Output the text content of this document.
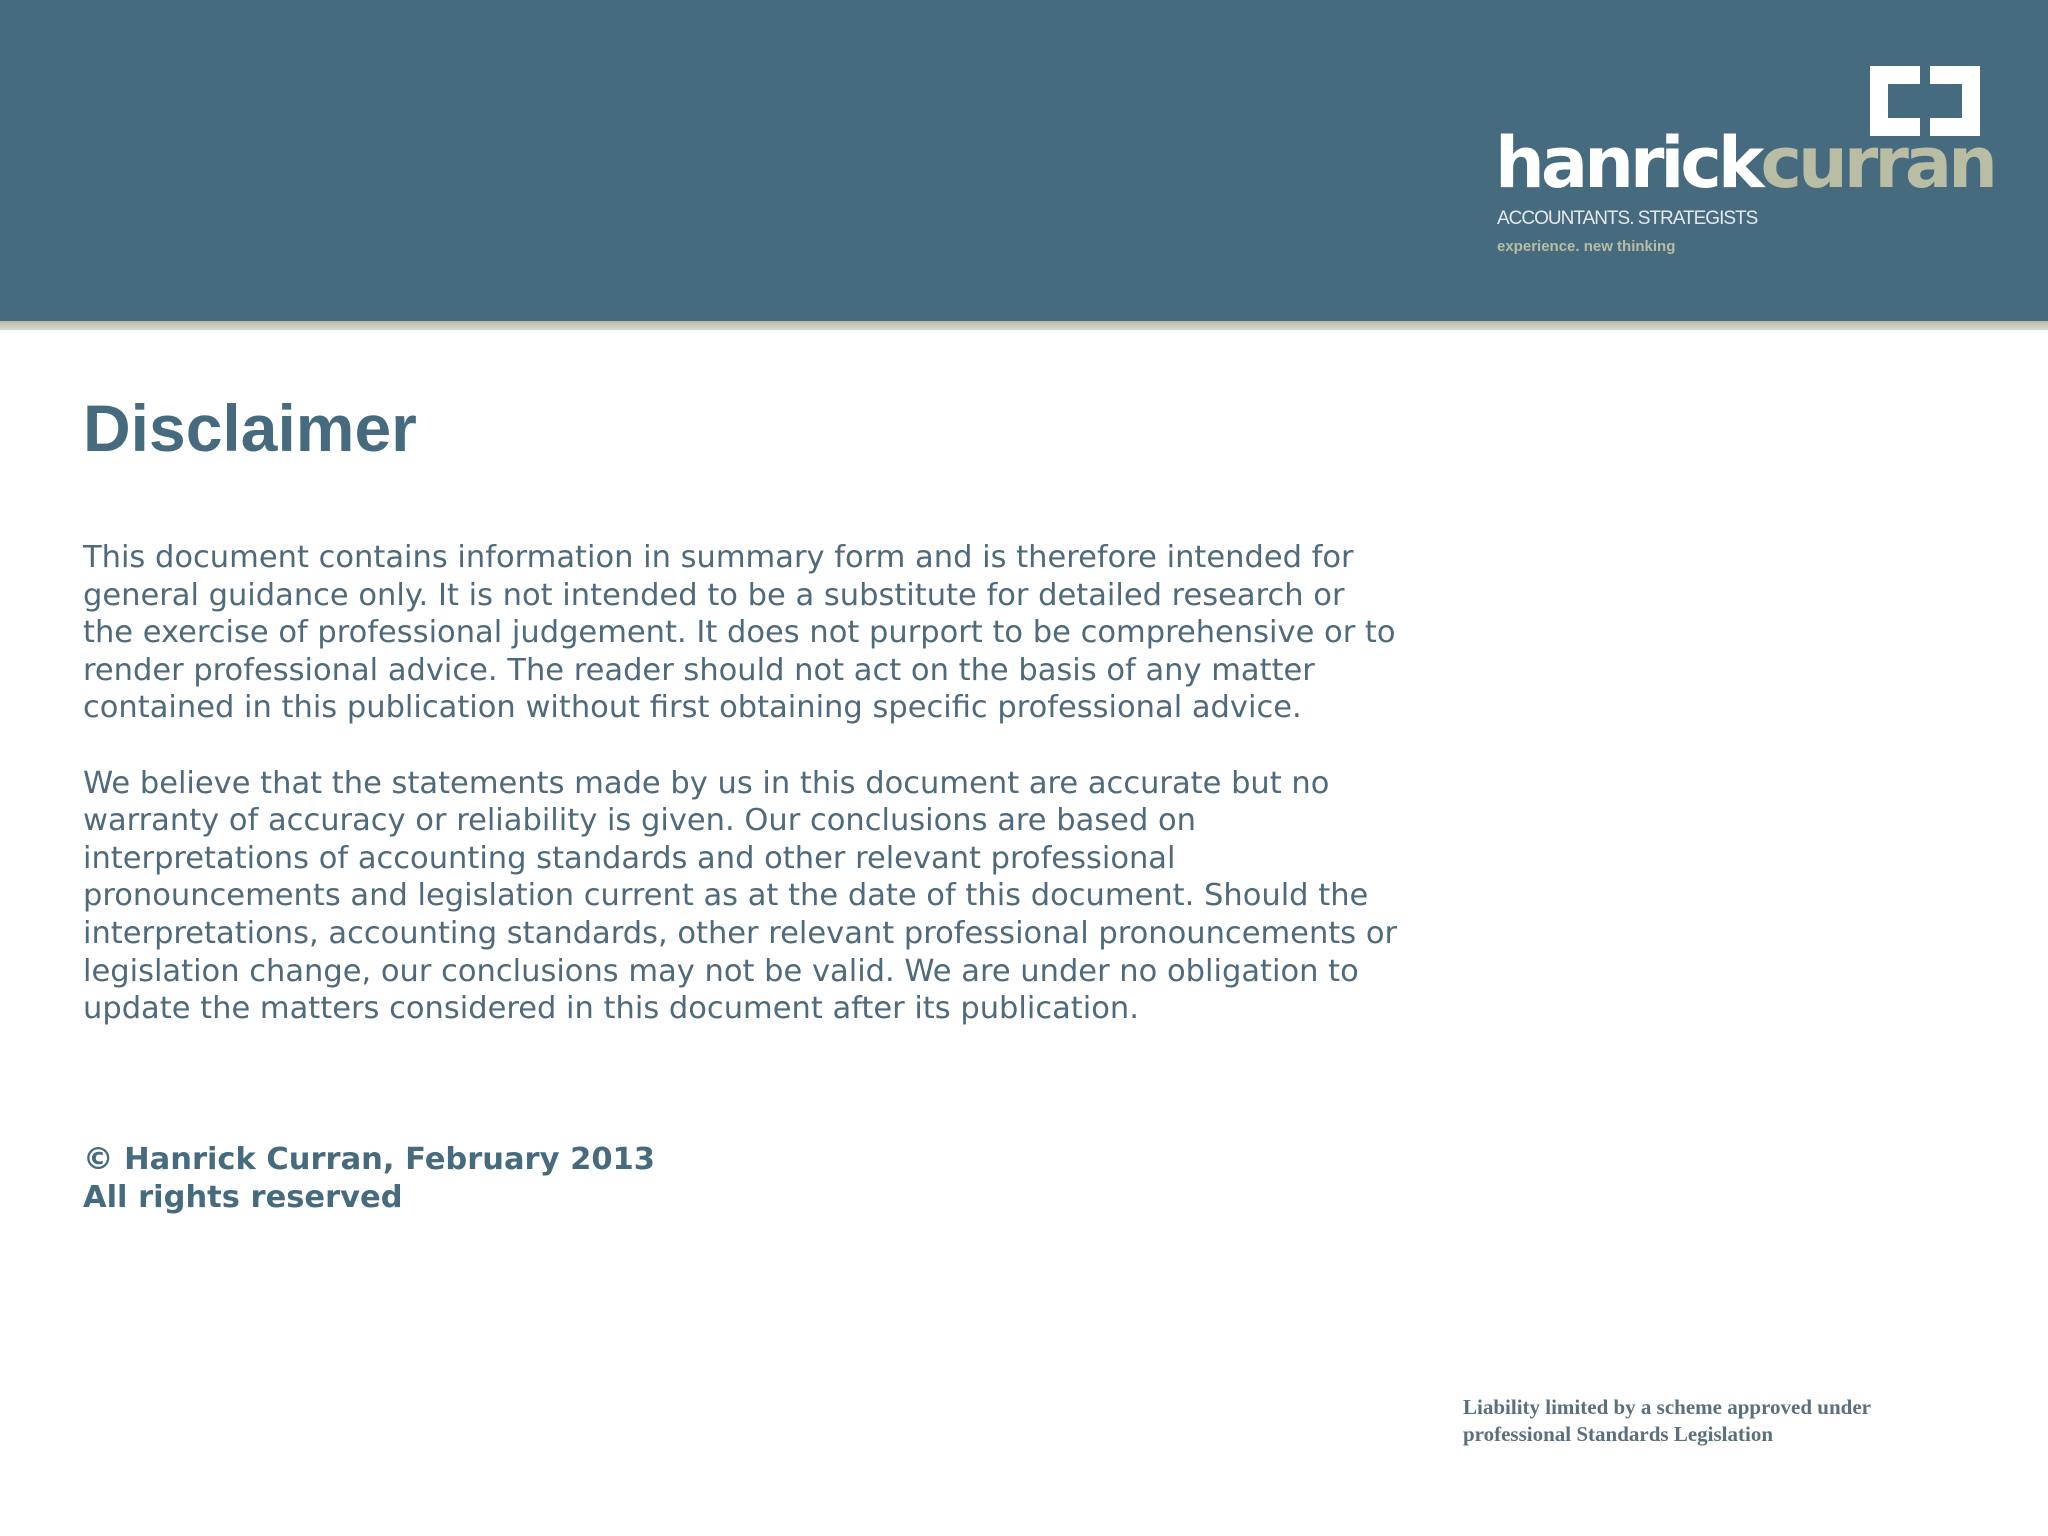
hanrickcurran
ACCOUNTANTS. STRATEGISTS
experience. new thinking
Disclaimer

This document contains information in summary form and is therefore intended for general guidance only. It is not intended to be a substitute for detailed research or the exercise of professional judgement. It does not purport to be comprehensive or to render professional advice. The reader should not act on the basis of any matter contained in this publication without first obtaining specific professional advice.

We believe that the statements made by us in this document are accurate but no warranty of accuracy or reliability is given. Our conclusions are based on interpretations of accounting standards and other relevant professional pronouncements and legislation current as at the date of this document. Should the interpretations, accounting standards, other relevant professional pronouncements or legislation change, our conclusions may not be valid. We are under no obligation to update the matters considered in this document after its publication.

© Hanrick Curran, February 2013
All rights reserved
Liability limited by a scheme approved under
professional Standards Legislation
